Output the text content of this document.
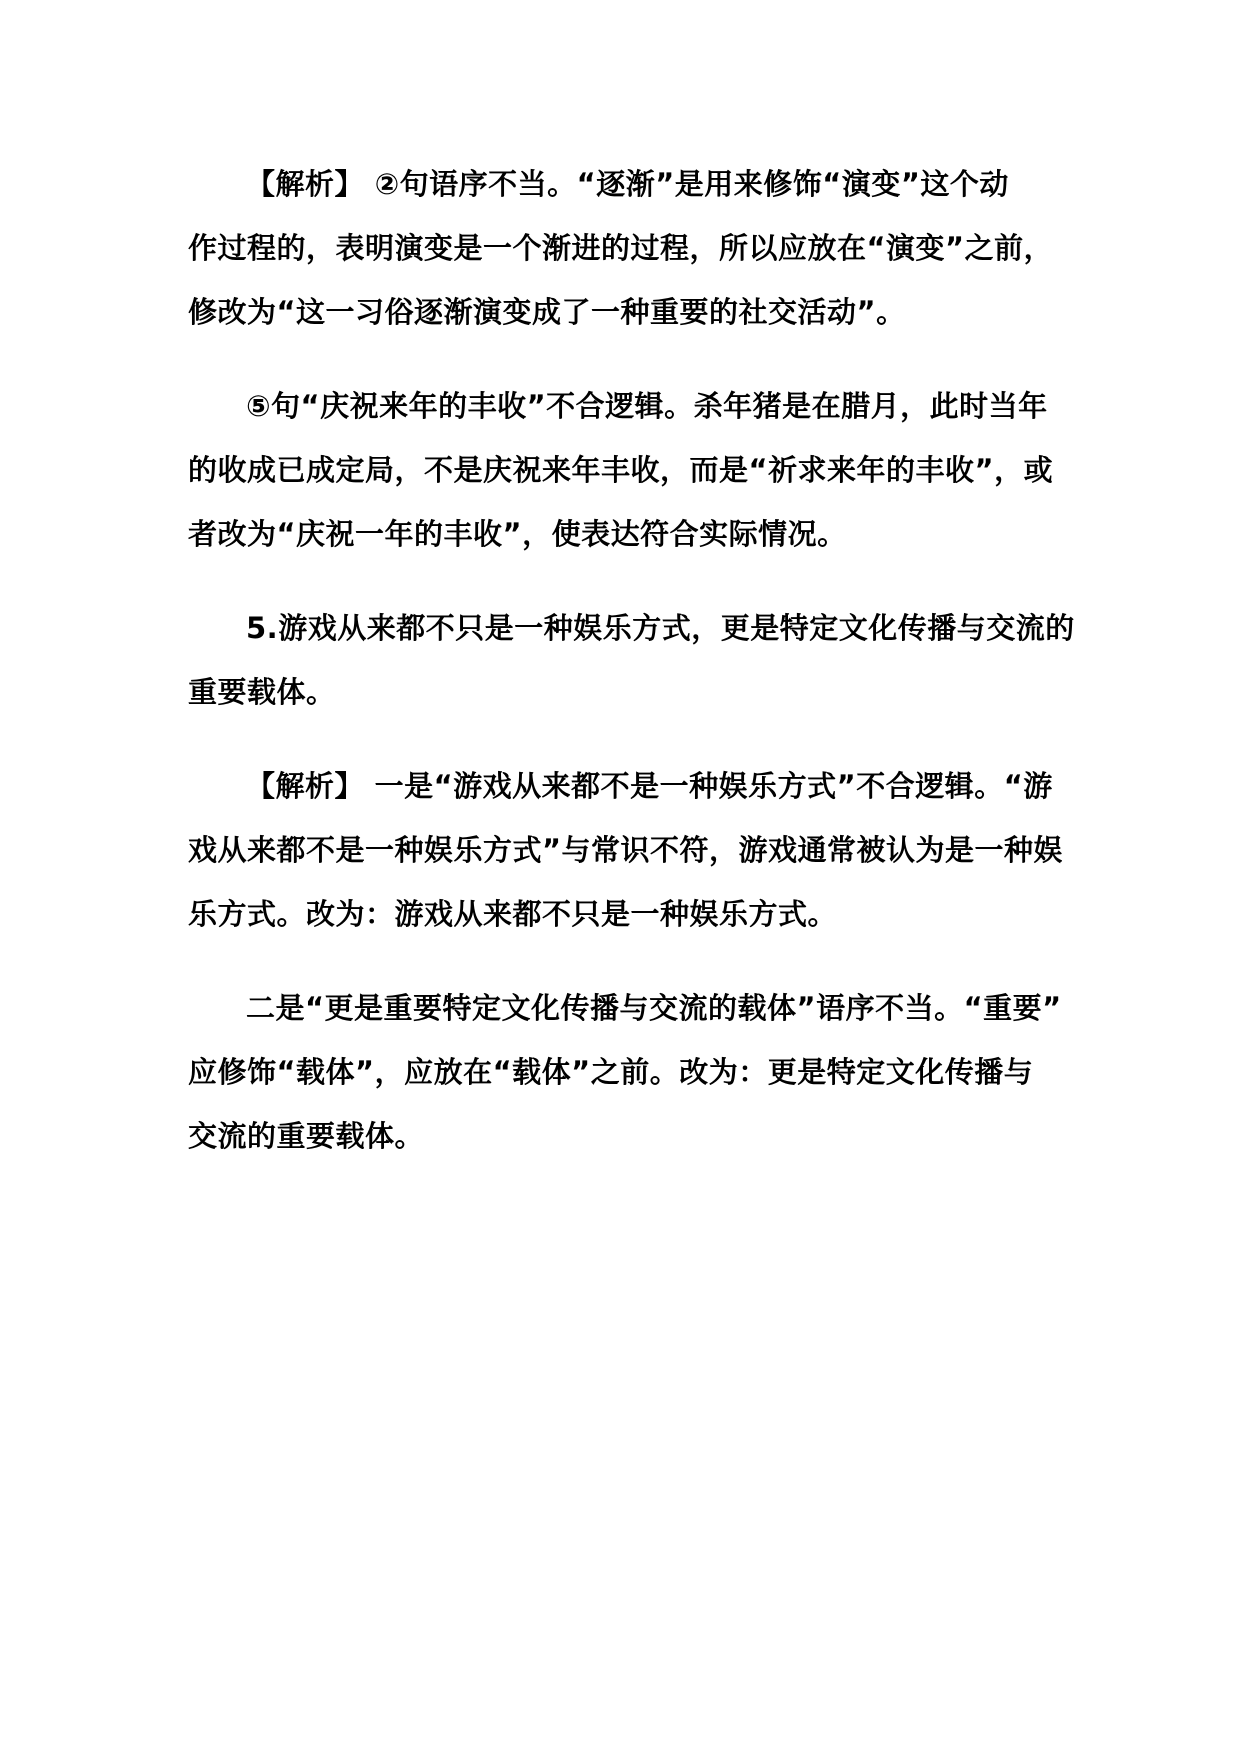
【解析】 ②句语序不当。“逐渐”是用来修饰“演变”这个动
作过程的，表明演变是一个渐进的过程，所以应放在“演变”之前，
修改为“这一习俗逐渐演变成了一种重要的社交活动”。

⑤句“庆祝来年的丰收”不合逻辑。杀年猪是在腊月，此时当年
的收成已成定局，不是庆祝来年丰收，而是“祈求来年的丰收”，或
者改为“庆祝一年的丰收”，使表达符合实际情况。

5.游戏从来都不只是一种娱乐方式，更是特定文化传播与交流的
重要载体。

【解析】 一是“游戏从来都不是一种娱乐方式”不合逻辑。“游
戏从来都不是一种娱乐方式”与常识不符，游戏通常被认为是一种娱
乐方式。改为：游戏从来都不只是一种娱乐方式。

二是“更是重要特定文化传播与交流的载体”语序不当。“重要”
应修饰“载体”，应放在“载体”之前。改为：更是特定文化传播与
交流的重要载体。
